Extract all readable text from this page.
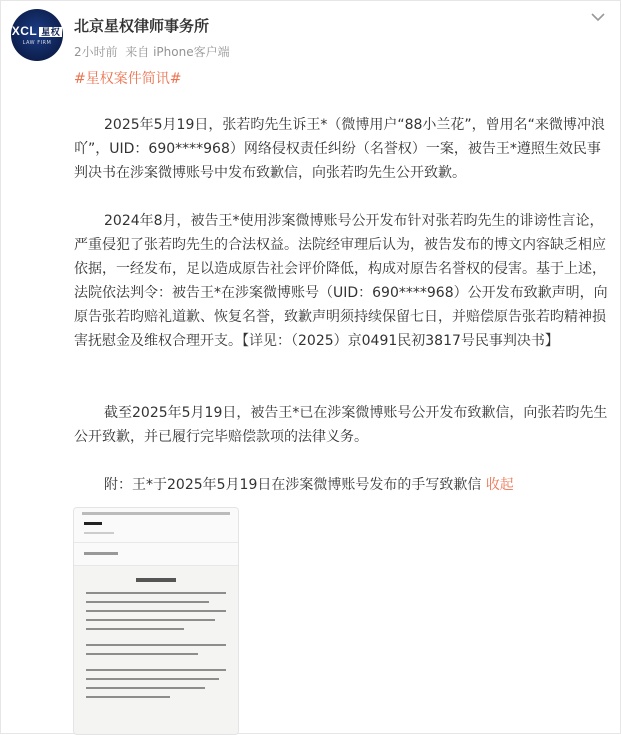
XCL 星权
LAW FIRM
北京星权律师事务所
2小时前 来自 iPhone客户端
#星权案件简讯#

2025年5月19日，张若昀先生诉王*（微博用户“88小兰花”，曾用名“来微博冲浪吖”，UID：690****968）网络侵权责任纠纷（名誉权）一案，被告王*遵照生效民事判决书在涉案微博账号中发布致歉信，向张若昀先生公开致歉。

2024年8月，被告王*使用涉案微博账号公开发布针对张若昀先生的诽谤性言论，严重侵犯了张若昀先生的合法权益。法院经审理后认为，被告发布的博文内容缺乏相应依据，一经发布，足以造成原告社会评价降低，构成对原告名誉权的侵害。基于上述，法院依法判令：被告王*在涉案微博账号（UID：690****968）公开发布致歉声明，向原告张若昀赔礼道歉、恢复名誉，致歉声明须持续保留七日，并赔偿原告张若昀精神损害抚慰金及维权合理开支。【详见：（2025）京0491民初3817号民事判决书】

截至2025年5月19日，被告王*已在涉案微博账号公开发布致歉信，向张若昀先生公开致歉，并已履行完毕赔偿款项的法律义务。

附：王*于2025年5月19日在涉案微博账号发布的手写致歉信 收起
